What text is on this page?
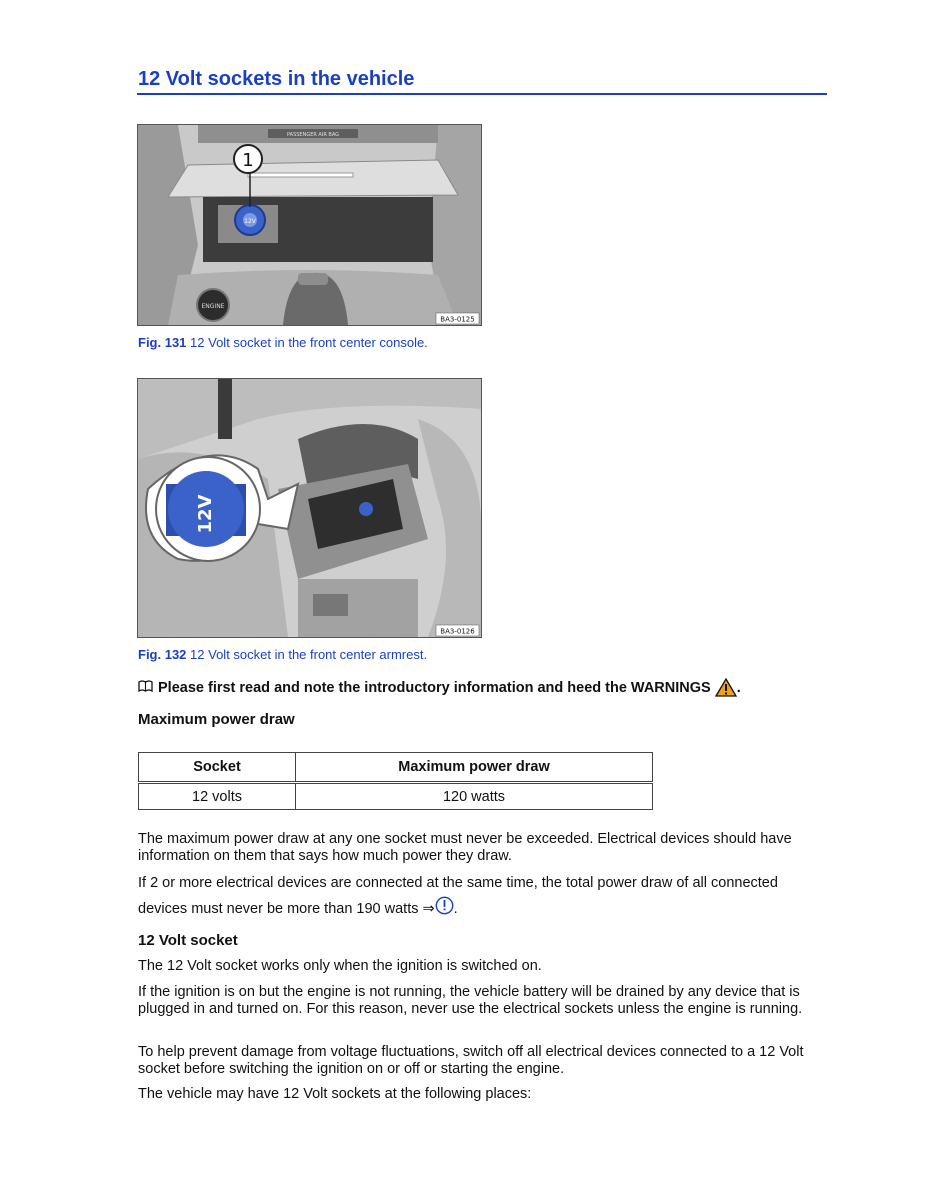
12 Volt sockets in the vehicle
PASSENGER AIR BAG
12V
1
ENGINE
BA3-0125
Fig. 131 12 Volt socket in the front center console.
12V
BA3-0126
Fig. 132 12 Volt socket in the front center armrest.
Please first read and note the introductory information and heed the WARNINGS .
Maximum power draw
Socket	Maximum power draw
12 volts	120 watts
The maximum power draw at any one socket must never be exceeded. Electrical devices should have information on them that says how much power they draw.
If 2 or more electrical devices are connected at the same time, the total power draw of all connected
devices must never be more than 190 watts ⇒ .
12 Volt socket
The 12 Volt socket works only when the ignition is switched on.
If the ignition is on but the engine is not running, the vehicle battery will be drained by any device that is plugged in and turned on. For this reason, never use the electrical sockets unless the engine is running.
To help prevent damage from voltage fluctuations, switch off all electrical devices connected to a 12 Volt socket before switching the ignition on or off or starting the engine.
The vehicle may have 12 Volt sockets at the following places:
